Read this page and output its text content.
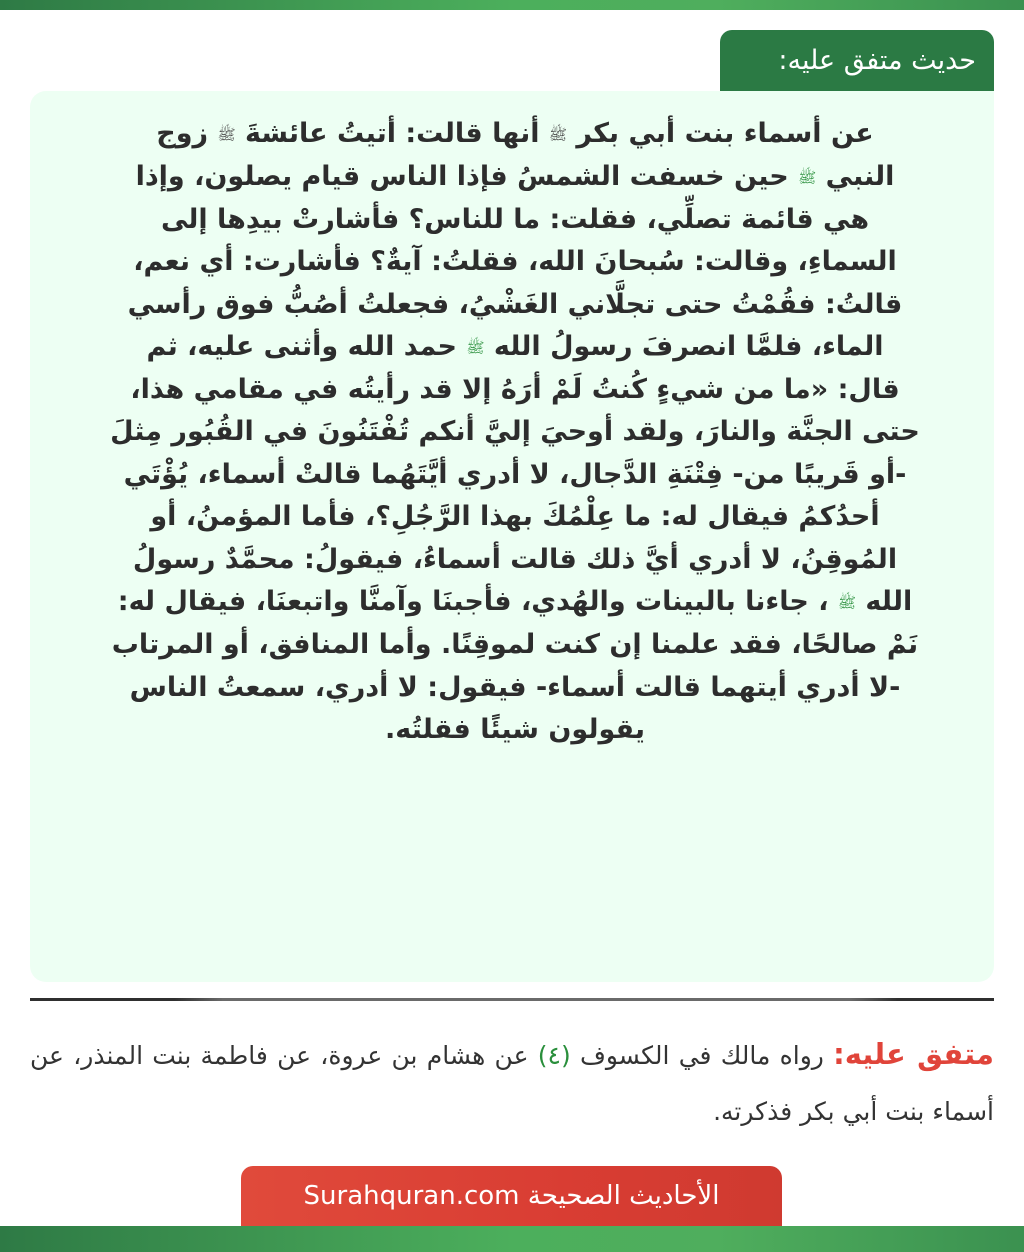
حديث متفق عليه:

عن أسماء بنت أبي بكر ﷺ أنها قالت: أتيتُ عائشةَ ﷺ زوج
النبي ﷺ حين خسفت الشمسُ فإذا الناس قيام يصلون، وإذا
هي قائمة تصلِّي، فقلت: ما للناس؟ فأشارتْ بيدِها إلى
السماءِ، وقالت: سُبحانَ الله، فقلتُ: آيةٌ؟ فأشارت: أي نعم،
قالتُ: فقُمْتُ حتى تجلَّاني الغَشْيُ، فجعلتُ أصُبُّ فوق رأسي
الماء، فلمَّا انصرفَ رسولُ الله ﷺ حمد الله وأثنى عليه، ثم
قال: «ما من شيءٍ كُنتُ لَمْ أرَهُ إلا قد رأيتُه في مقامي هذا،
حتى الجنَّة والنارَ، ولقد أوحيَ إليَّ أنكم تُفْتَنُونَ في القُبُور مِثلَ
-أو قَريبًا من- فِتْنَةِ الدَّجال، لا أدري أيَّتَهُما قالتْ أسماء، يُؤْتَي
أحدُكمُ فيقال له: ما عِلْمُكَ بهذا الرَّجُلِ؟، فأما المؤمنُ، أو
المُوقِنُ، لا أدري أيَّ ذلك قالت أسماءُ، فيقولُ: محمَّدٌ رسولُ
الله ﷺ ، جاءنا بالبينات والهُدي، فأجبنَا وآمنَّا واتبعنَا، فيقال له:
نَمْ صالحًا، فقد علمنا إن كنت لموقِنًا. وأما المنافق، أو المرتاب
-لا أدري أيتهما قالت أسماء- فيقول: لا أدري، سمعتُ الناس
يقولون شيئًا فقلتُه.

متفق عليه: رواه مالك في الكسوف (٤) عن هشام بن عروة، عن فاطمة بنت المنذر، عن أسماء بنت أبي بكر فذكرته.

الأحاديث الصحيحة Surahquran.com
